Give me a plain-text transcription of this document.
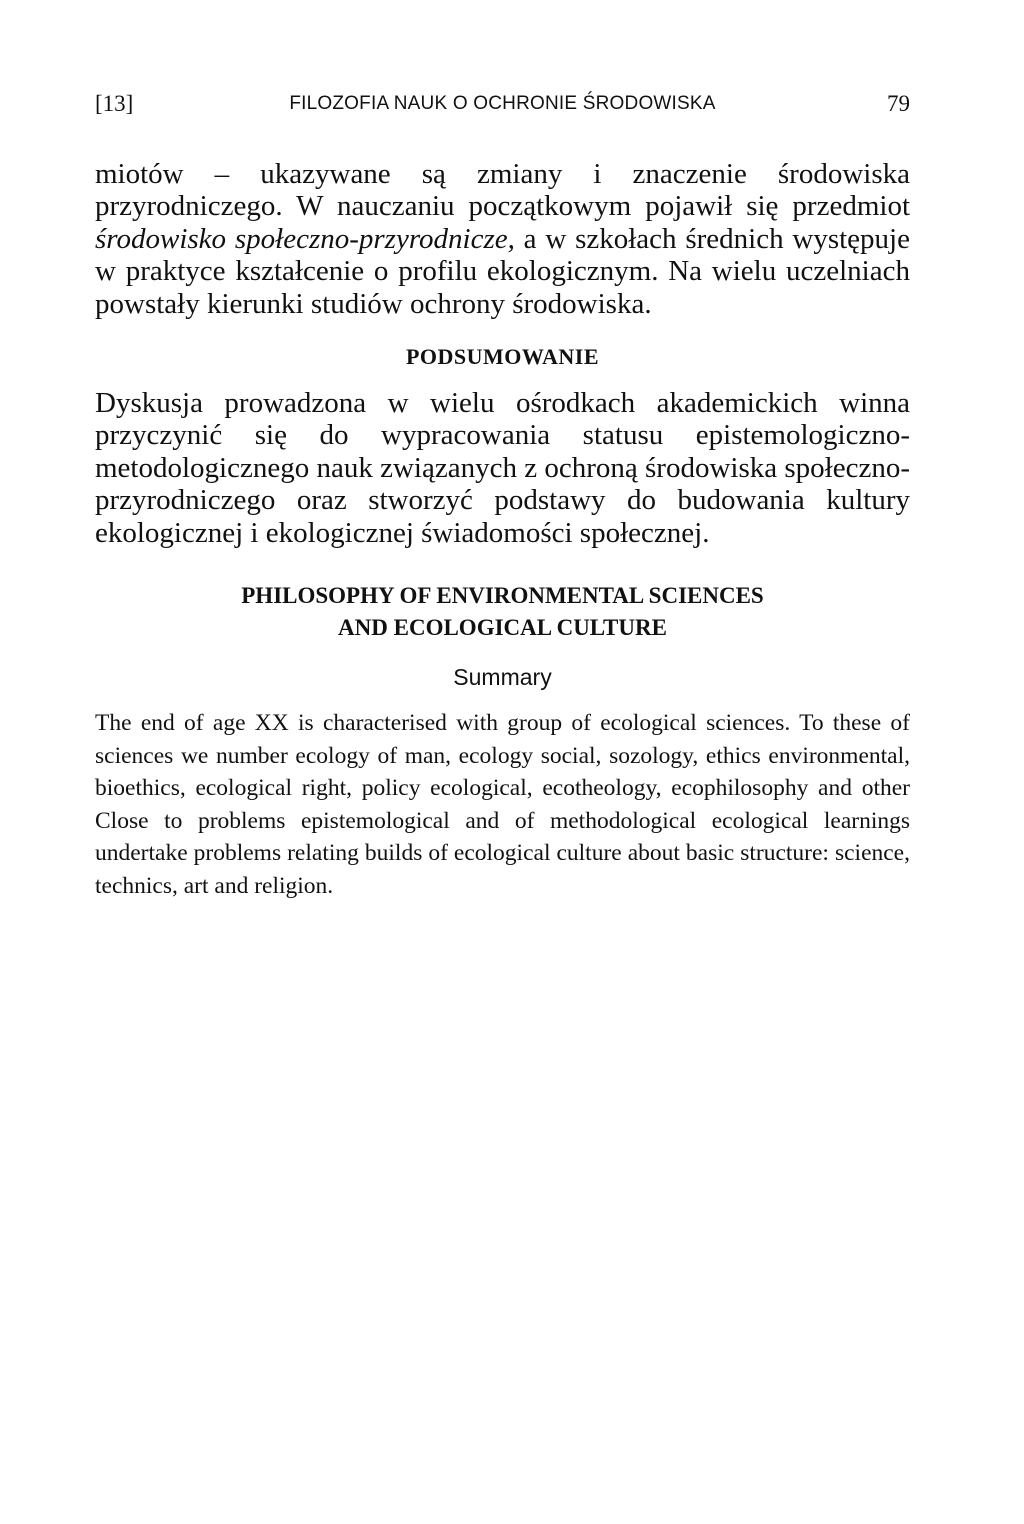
[13]	FILOZOFIA NAUK O OCHRONIE ŚRODOWISKA	79

miotów – ukazywane są zmiany i znaczenie środowiska przyrodniczego. W nauczaniu początkowym pojawił się przedmiot środowisko społeczno-przyrodnicze, a w szkołach średnich występuje w praktyce kształcenie o profilu ekologicznym. Na wielu uczelniach powstały kierunki studiów ochrony środowiska.

PODSUMOWANIE

Dyskusja prowadzona w wielu ośrodkach akademickich winna przyczynić się do wypracowania statusu epistemologiczno-metodologicznego nauk związanych z ochroną środowiska społeczno-przyrodniczego oraz stworzyć podstawy do budowania kultury ekologicznej i ekologicznej świadomości społecznej.

PHILOSOPHY OF ENVIRONMENTAL SCIENCES
AND ECOLOGICAL CULTURE
Summary

The end of age XX is characterised with group of ecological sciences. To these of sciences we number ecology of man, ecology social, sozology, ethics environmental, bioethics, ecological right, policy ecological, ecotheology, ecophilosophy and other Close to problems epistemological and of methodological ecological learnings undertake problems relating builds of ecological culture about basic structure: science, technics, art and religion.
